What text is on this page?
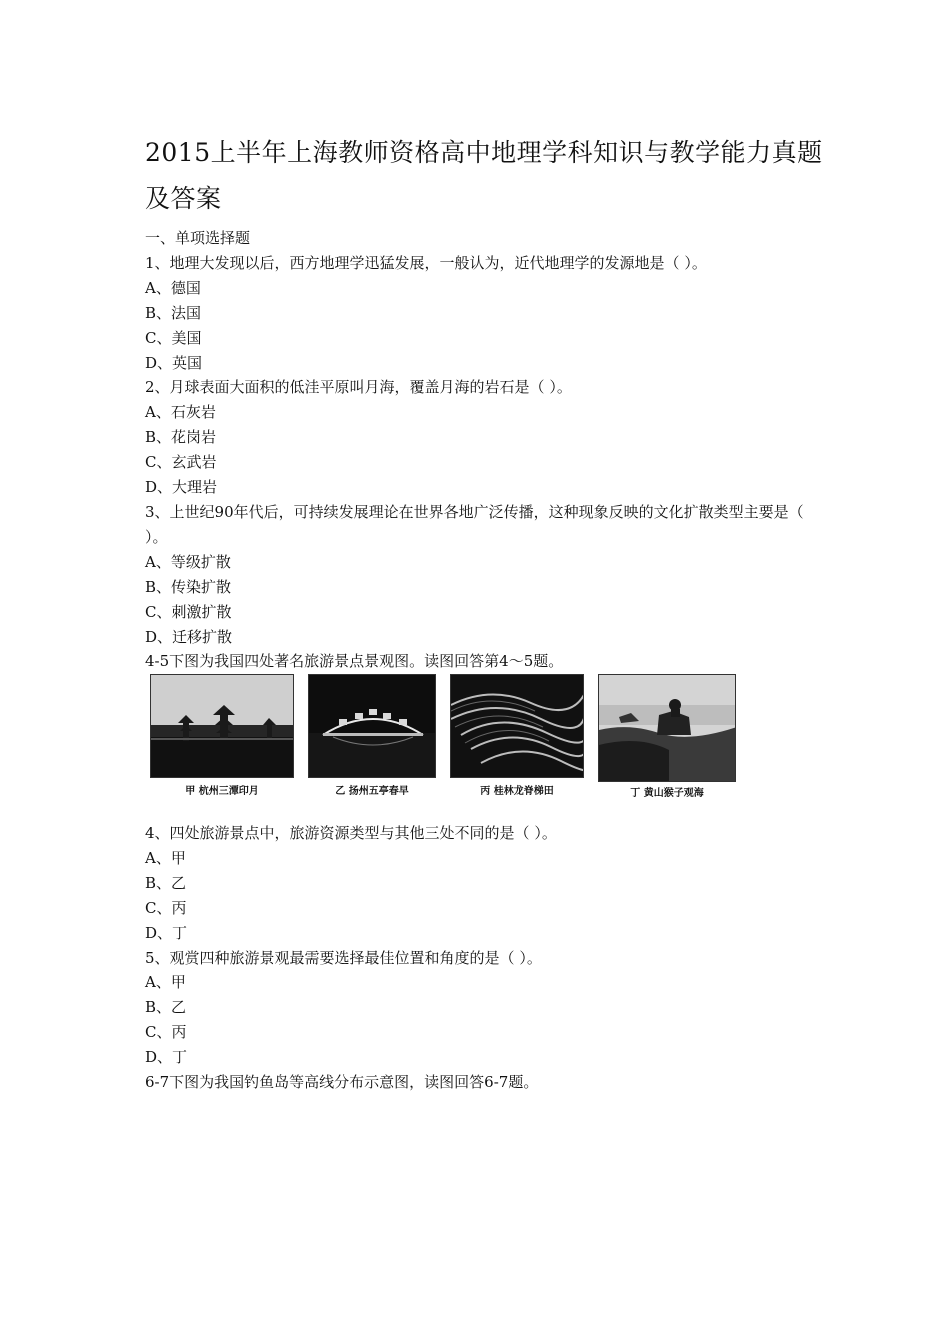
2015上半年上海教师资格高中地理学科知识与教学能力真题及答案
一、单项选择题
1、地理大发现以后，西方地理学迅猛发展，一般认为，近代地理学的发源地是（ ）。
A、德国
B、法国
C、美国
D、英国
2、月球表面大面积的低洼平原叫月海，覆盖月海的岩石是（ ）。
A、石灰岩
B、花岗岩
C、玄武岩
D、大理岩
3、上世纪90年代后，可持续发展理论在世界各地广泛传播，这种现象反映的文化扩散类型主要是（ ）。
A、等级扩散
B、传染扩散
C、刺激扩散
D、迁移扩散
4-5下图为我国四处著名旅游景点景观图。读图回答第4～5题。
甲 杭州三潭印月	乙 扬州五亭春早	丙 桂林龙脊梯田	丁 黄山猴子观海
4、四处旅游景点中，旅游资源类型与其他三处不同的是（ ）。
A、甲
B、乙
C、丙
D、丁
5、观赏四种旅游景观最需要选择最佳位置和角度的是（ ）。
A、甲
B、乙
C、丙
D、丁
6-7下图为我国钓鱼岛等高线分布示意图，读图回答6-7题。
